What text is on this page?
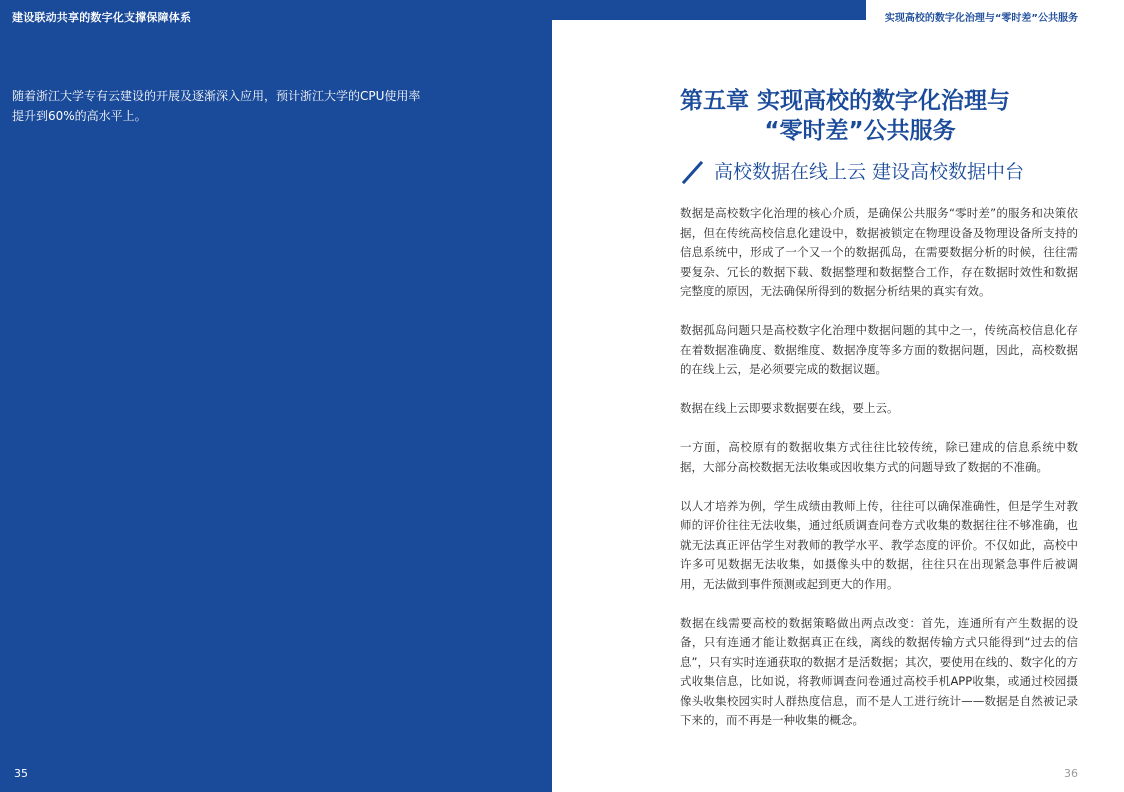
建设联动共享的数字化支撑保障体系
随着浙江大学专有云建设的开展及逐渐深入应用，预计浙江大学的CPU使用率提升到60%的高水平上。
35
实现高校的数字化治理与“零时差”公共服务
第五章 实现高校的数字化治理与
“零时差”公共服务
高校数据在线上云 建设高校数据中台

数据是高校数字化治理的核心介质，是确保公共服务“零时差”的服务和决策依据，但在传统高校信息化建设中，数据被锁定在物理设备及物理设备所支持的信息系统中，形成了一个又一个的数据孤岛，在需要数据分析的时候，往往需要复杂、冗长的数据下载、数据整理和数据整合工作，存在数据时效性和数据完整度的原因，无法确保所得到的数据分析结果的真实有效。

数据孤岛问题只是高校数字化治理中数据问题的其中之一，传统高校信息化存在着数据准确度、数据维度、数据净度等多方面的数据问题，因此，高校数据的在线上云，是必须要完成的数据议题。

数据在线上云即要求数据要在线，要上云。

一方面，高校原有的数据收集方式往往比较传统，除已建成的信息系统中数据，大部分高校数据无法收集或因收集方式的问题导致了数据的不准确。

以人才培养为例，学生成绩由教师上传，往往可以确保准确性，但是学生对教师的评价往往无法收集，通过纸质调查问卷方式收集的数据往往不够准确，也就无法真正评估学生对教师的教学水平、教学态度的评价。不仅如此，高校中许多可见数据无法收集，如摄像头中的数据，往往只在出现紧急事件后被调用，无法做到事件预测或起到更大的作用。

数据在线需要高校的数据策略做出两点改变：首先，连通所有产生数据的设备，只有连通才能让数据真正在线，离线的数据传输方式只能得到“过去的信息”，只有实时连通获取的数据才是活数据；其次，要使用在线的、数字化的方式收集信息，比如说，将教师调查问卷通过高校手机APP收集，或通过校园摄像头收集校园实时人群热度信息，而不是人工进行统计——数据是自然被记录下来的，而不再是一种收集的概念。

36
